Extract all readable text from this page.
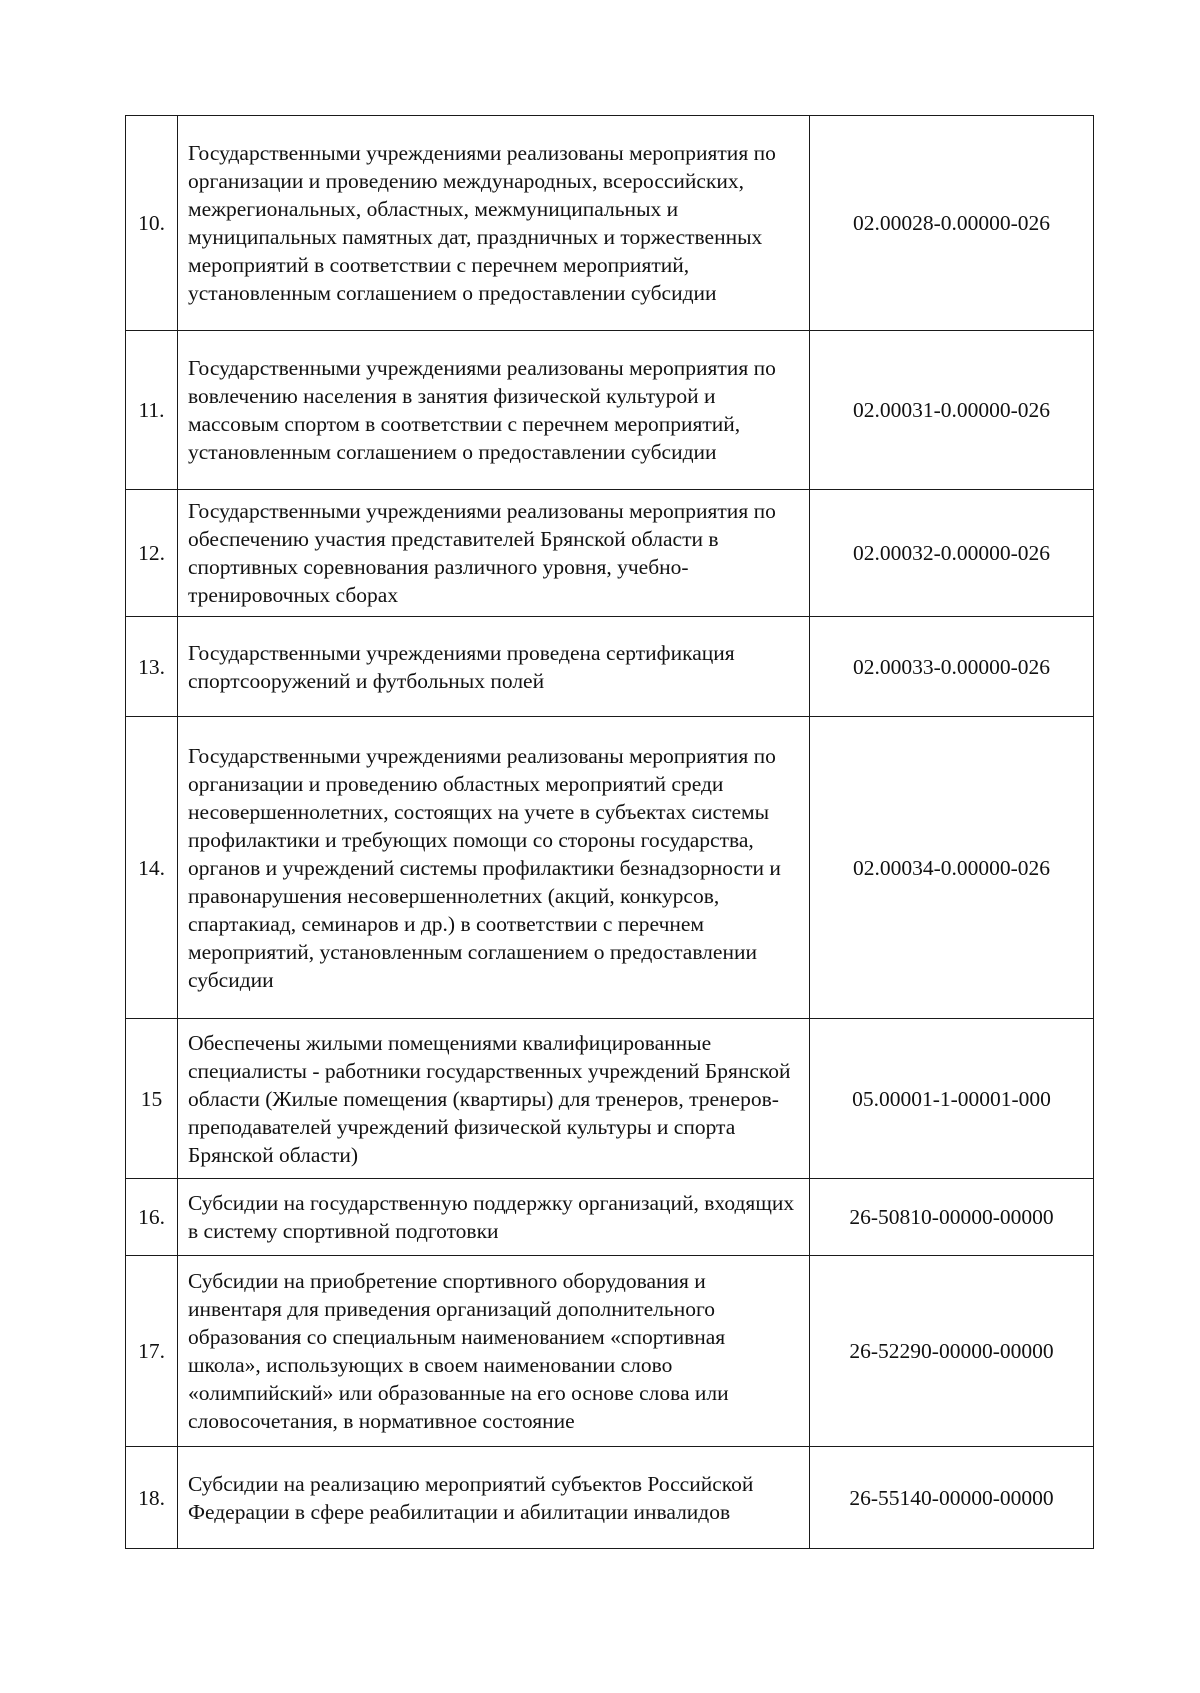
10.	Государственными учреждениями реализованы мероприятия по организации и проведению международных, всероссийских, межрегиональных, областных, межмуниципальных и муниципальных памятных дат, праздничных и торжественных мероприятий в соответствии с перечнем мероприятий, установленным соглашением о предоставлении субсидии	02.00028-0.00000-026
11.	Государственными учреждениями реализованы мероприятия по вовлечению населения в занятия физической культурой и массовым спортом в соответствии с перечнем мероприятий, установленным соглашением о предоставлении субсидии	02.00031-0.00000-026
12.	Государственными учреждениями реализованы мероприятия по обеспечению участия представителей Брянской области в спортивных соревнования различного уровня, учебно-тренировочных сборах	02.00032-0.00000-026
13.	Государственными учреждениями проведена сертификация спортсооружений и футбольных полей	02.00033-0.00000-026
14.	Государственными учреждениями реализованы мероприятия по организации и проведению областных мероприятий среди несовершеннолетних, состоящих на учете в субъектах системы профилактики и требующих помощи со стороны государства, органов и учреждений системы профилактики безнадзорности и правонарушения несовершеннолетних (акций, конкурсов, спартакиад, семинаров и др.) в соответствии с перечнем мероприятий, установленным соглашением о предоставлении субсидии	02.00034-0.00000-026
15	Обеспечены жилыми помещениями квалифицированные специалисты - работники государственных учреждений Брянской области (Жилые помещения (квартиры) для тренеров, тренеров-преподавателей учреждений физической культуры и спорта Брянской области)	05.00001-1-00001-000
16.	Субсидии на государственную поддержку организаций, входящих в систему спортивной подготовки	26-50810-00000-00000
17.	Субсидии на приобретение спортивного оборудования и инвентаря для приведения организаций дополнительного образования со специальным наименованием «спортивная школа», использующих в своем наименовании слово «олимпийский» или образованные на его основе слова или словосочетания, в нормативное состояние	26-52290-00000-00000
18.	Субсидии на реализацию мероприятий субъектов Российской Федерации в сфере реабилитации и абилитации инвалидов	26-55140-00000-00000
